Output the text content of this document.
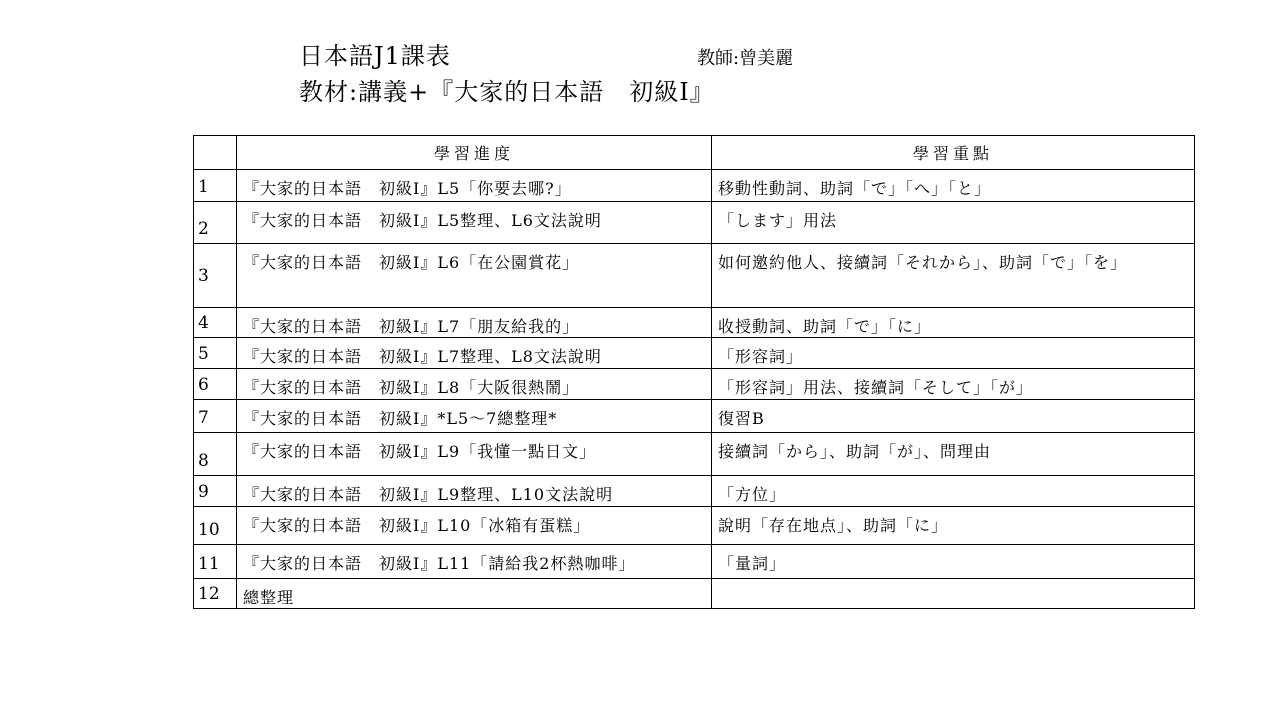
日本語J1課表	教師:曾美麗
教材:講義+『大家的日本語　初級Ⅰ』
	學習進度	學習重點
1	『大家的日本語　初級Ⅰ』L5「你要去哪?」	移動性動詞、助詞「で」「へ」「と」
2	『大家的日本語　初級Ⅰ』L5整理、L6文法說明	「します」用法
3	『大家的日本語　初級Ⅰ』L6「在公園賞花」	如何邀約他人、接續詞「それから」、助詞「で」「を」
4	『大家的日本語　初級Ⅰ』L7「朋友給我的」	收授動詞、助詞「で」「に」
5	『大家的日本語　初級Ⅰ』L7整理、L8文法說明	「形容詞」
6	『大家的日本語　初級Ⅰ』L8「大阪很熱鬧」	「形容詞」用法、接續詞「そして」「が」
7	『大家的日本語　初級Ⅰ』*L5～7總整理*	復習B
8	『大家的日本語　初級Ⅰ』L9「我懂一點日文」	接續詞「から」、助詞「が」、問理由
9	『大家的日本語　初級Ⅰ』L9整理、L10文法說明	「方位」
10	『大家的日本語　初級Ⅰ』L10「冰箱有蛋糕」	說明「存在地点」、助詞「に」
11	『大家的日本語　初級Ⅰ』L11「請給我2杯熱咖啡」	「量詞」
12	總整理	
